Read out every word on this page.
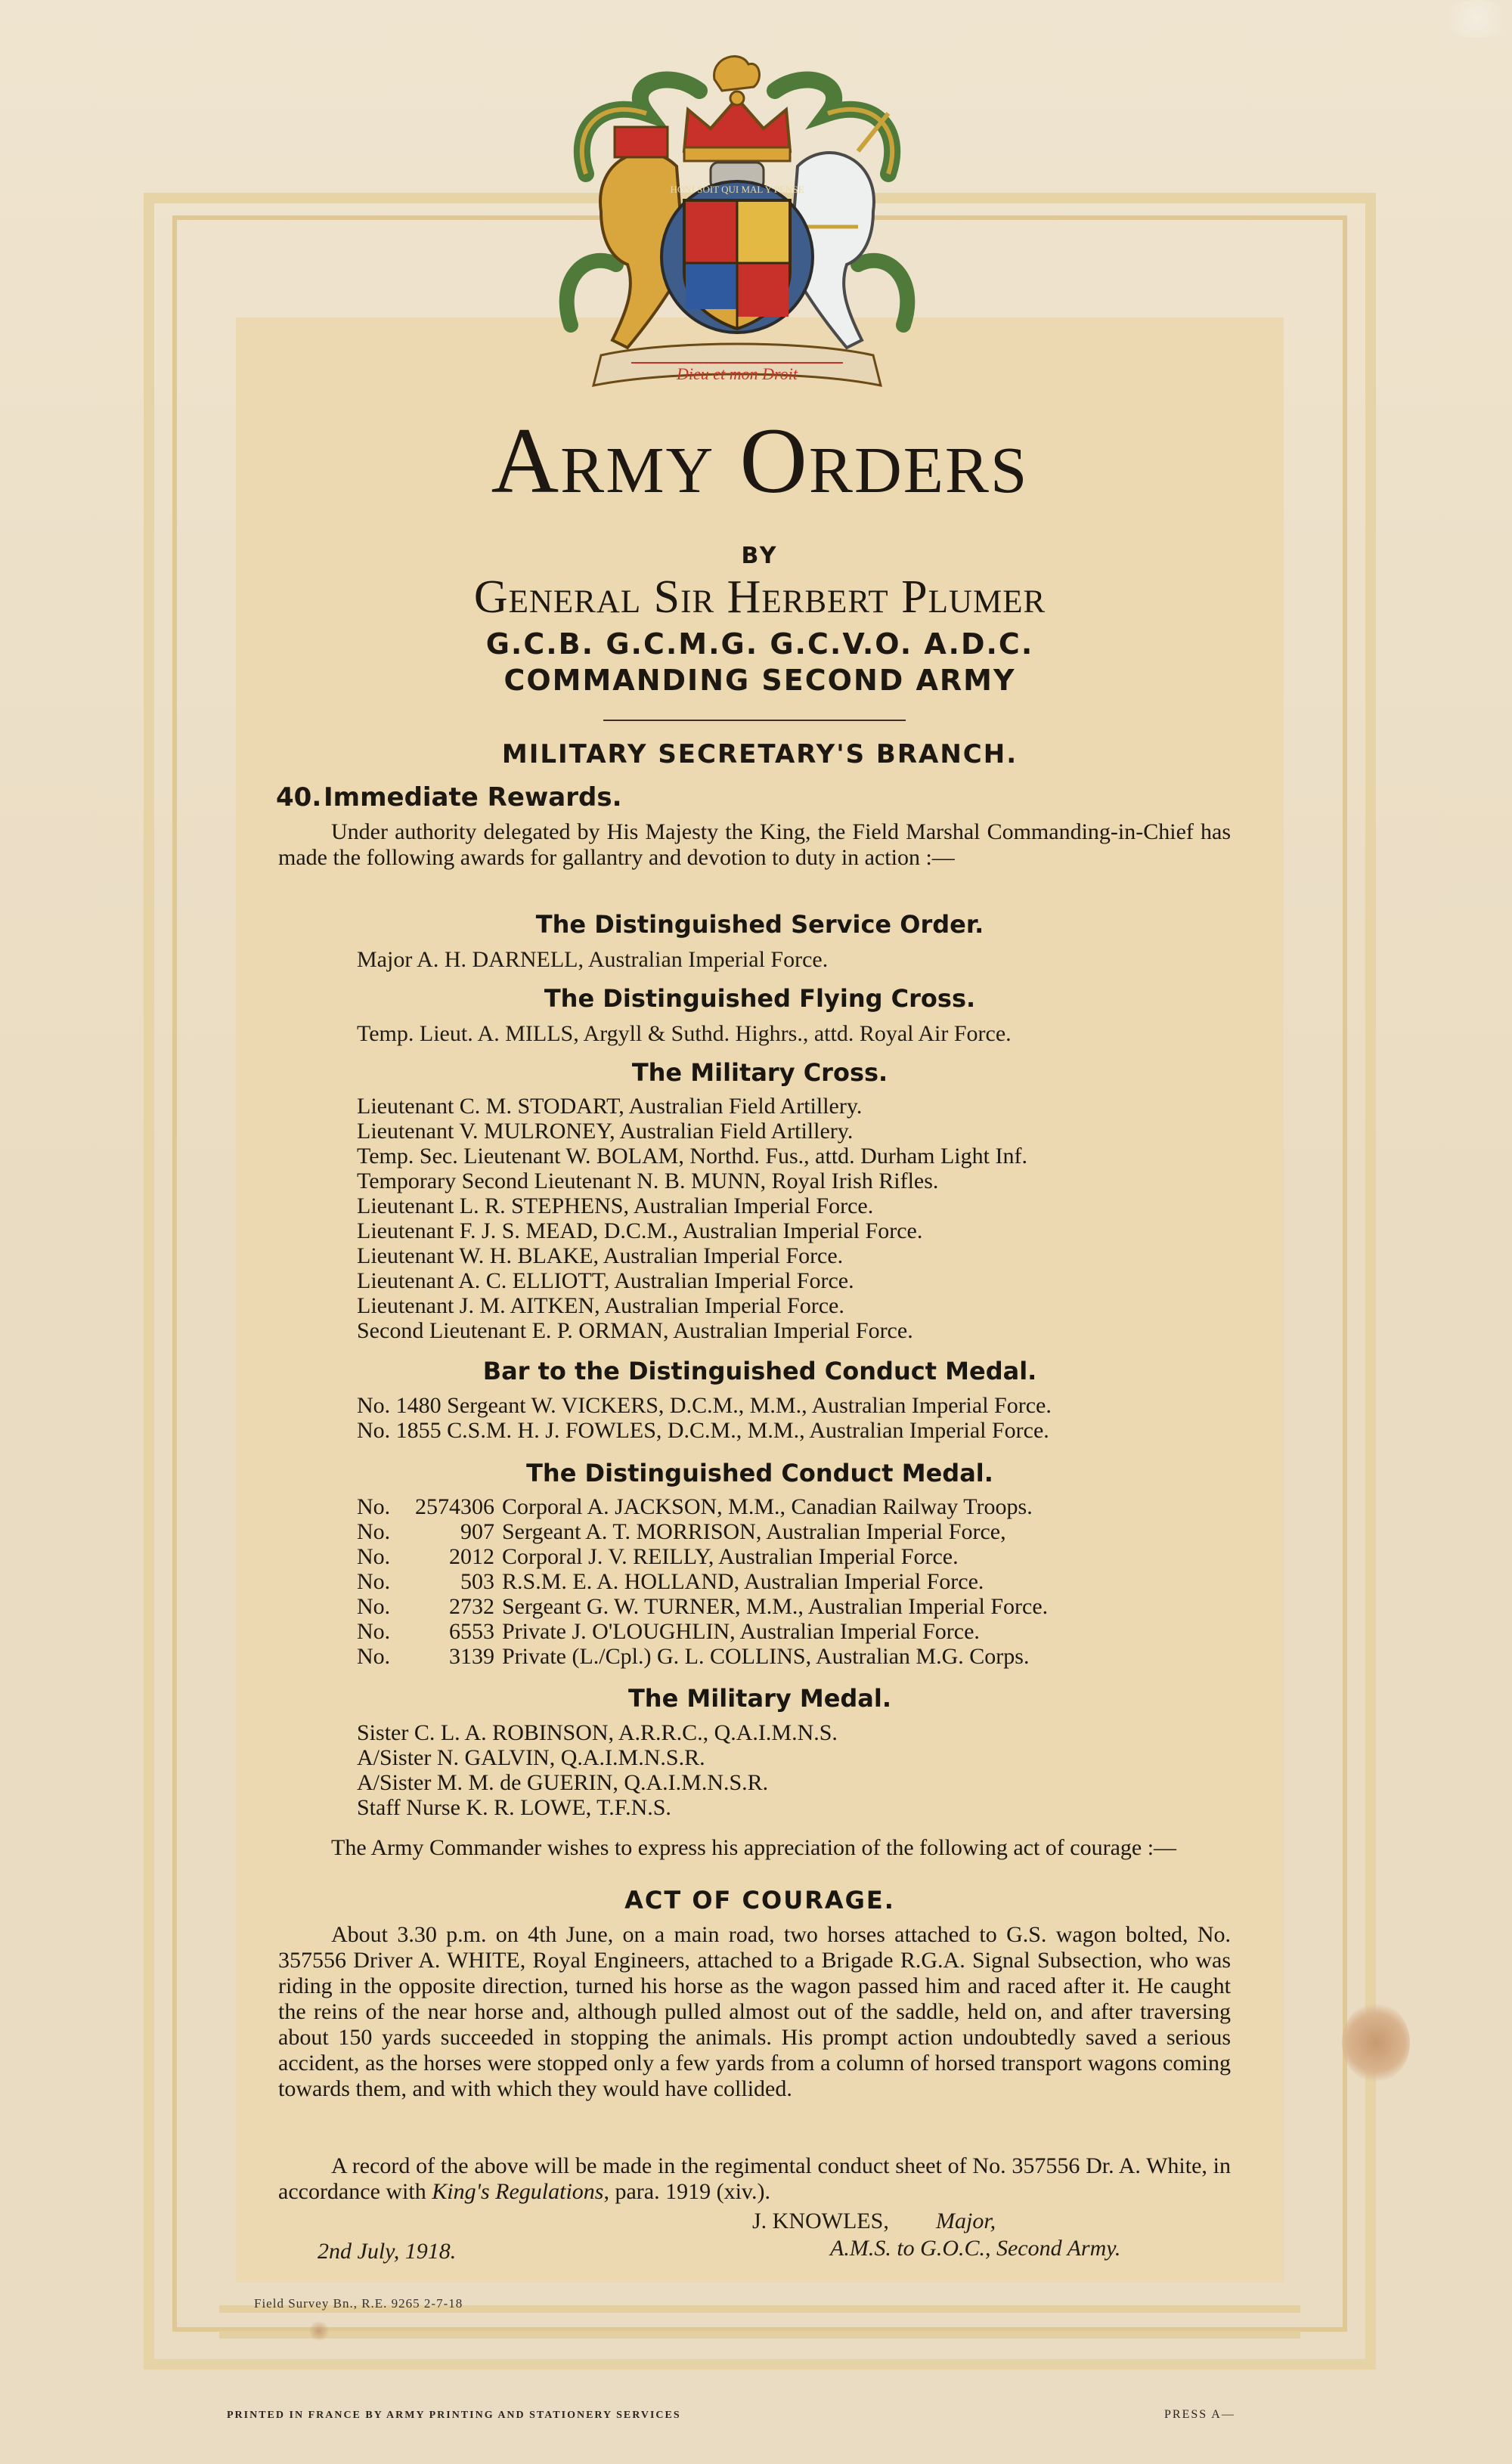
HONI SOIT QUI MAL Y PENSE
Dieu et mon Droit
Army Orders
BY
General Sir Herbert Plumer
G.C.B. G.C.M.G. G.C.V.O. A.D.C.
COMMANDING SECOND ARMY
MILITARY SECRETARY'S BRANCH.
40. Immediate Rewards.
Under authority delegated by His Majesty the King, the Field Marshal Commanding-in-Chief has made the following awards for gallantry and devotion to duty in action :—
The Distinguished Service Order.
Major A. H. DARNELL, Australian Imperial Force.
The Distinguished Flying Cross.
Temp. Lieut. A. MILLS, Argyll & Suthd. Highrs., attd. Royal Air Force.
The Military Cross.
Lieutenant C. M. STODART, Australian Field Artillery.
Lieutenant V. MULRONEY, Australian Field Artillery.
Temp. Sec. Lieutenant W. BOLAM, Northd. Fus., attd. Durham Light Inf.
Temporary Second Lieutenant N. B. MUNN, Royal Irish Rifles.
Lieutenant L. R. STEPHENS, Australian Imperial Force.
Lieutenant F. J. S. MEAD, D.C.M., Australian Imperial Force.
Lieutenant W. H. BLAKE, Australian Imperial Force.
Lieutenant A. C. ELLIOTT, Australian Imperial Force.
Lieutenant J. M. AITKEN, Australian Imperial Force.
Second Lieutenant E. P. ORMAN, Australian Imperial Force.
Bar to the Distinguished Conduct Medal.
No. 1480 Sergeant W. VICKERS, D.C.M., M.M., Australian Imperial Force.
No. 1855 C.S.M. H. J. FOWLES, D.C.M., M.M., Australian Imperial Force.
The Distinguished Conduct Medal.
No. 2574306 Corporal A. JACKSON, M.M., Canadian Railway Troops.
No.	907 Sergeant A. T. MORRISON, Australian Imperial Force,
No.	2012 Corporal J. V. REILLY, Australian Imperial Force.
No.	503 R.S.M. E. A. HOLLAND, Australian Imperial Force.
No.	2732 Sergeant G. W. TURNER, M.M., Australian Imperial Force.
No.	6553 Private J. O'LOUGHLIN, Australian Imperial Force.
No.	3139 Private (L./Cpl.) G. L. COLLINS, Australian M.G. Corps.
The Military Medal.
Sister C. L. A. ROBINSON, A.R.R.C., Q.A.I.M.N.S.
A/Sister N. GALVIN, Q.A.I.M.N.S.R.
A/Sister M. M. de GUERIN, Q.A.I.M.N.S.R.
Staff Nurse K. R. LOWE, T.F.N.S.
The Army Commander wishes to express his appreciation of the following act of courage :—
ACT OF COURAGE.
About 3.30 p.m. on 4th June, on a main road, two horses attached to G.S. wagon bolted, No. 357556 Driver A. WHITE, Royal Engineers, attached to a Brigade R.G.A. Signal Subsection, who was riding in the opposite direction, turned his horse as the wagon passed him and raced after it. He caught the reins of the near horse and, although pulled almost out of the saddle, held on, and after traversing about 150 yards succeeded in stopping the animals. His prompt action undoubtedly saved a serious accident, as the horses were stopped only a few yards from a column of horsed transport wagons coming towards them, and with which they would have collided.
A record of the above will be made in the regimental conduct sheet of No. 357556 Dr. A. White, in accordance with King's Regulations, para. 1919 (xiv.).
J. KNOWLES, Major,
A.M.S. to G.O.C., Second Army.
2nd July, 1918.
Field Survey Bn., R.E. 9265 2-7-18
PRINTED IN FRANCE BY ARMY PRINTING AND STATIONERY SERVICES	PRESS A—
